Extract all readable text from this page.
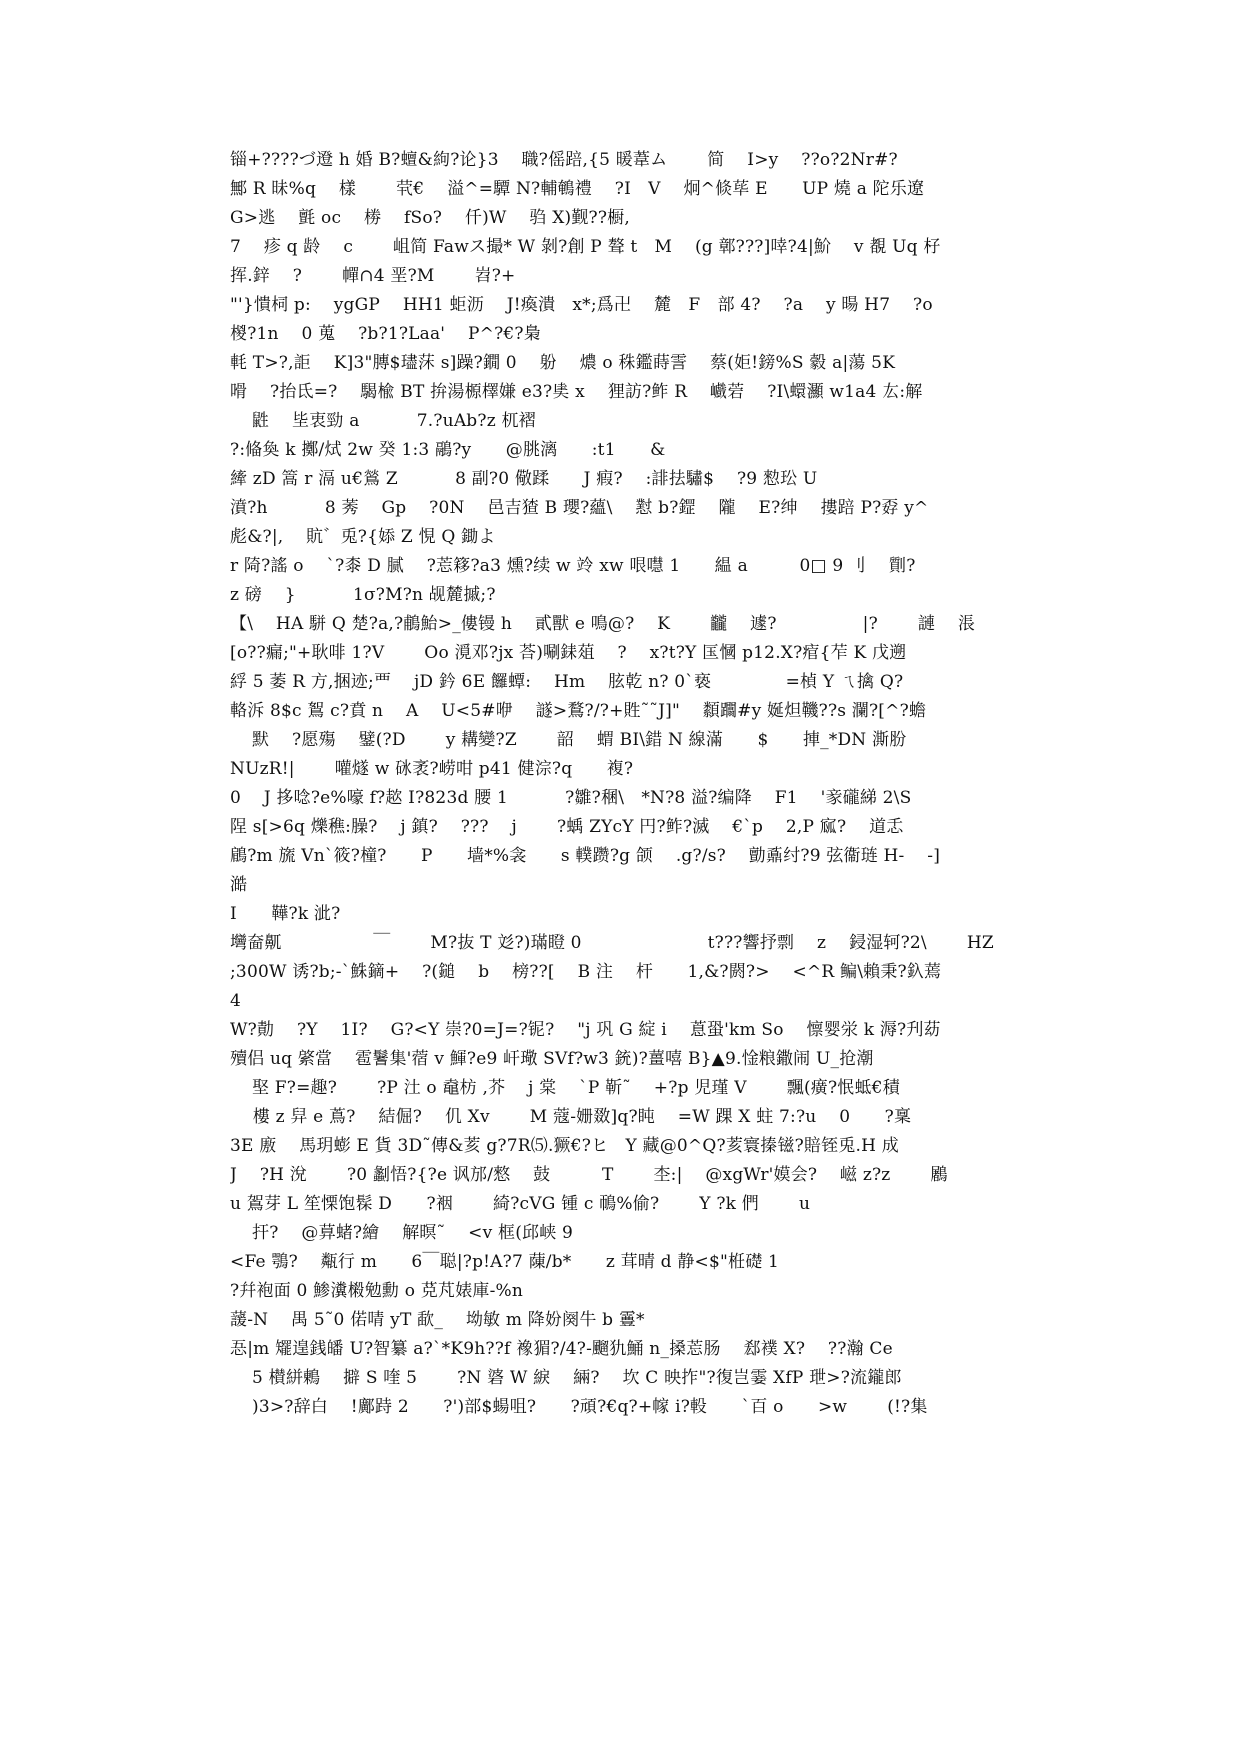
锱+????づ邆 h 婚 B?蟺&絇?论}3　 職?傜踣,{5 暖葦ム　　 简　 I>y　 ??o?2Nr#?
鄦 R 昧%q　 樣　　 茕€　 溢^=驔 N?輔鵪禮　 ?I　V　 炯^倐荜 E　　UP 燒 a 陀乐遼
G>逃　 氈 oc　 椦　 fSo?　 仟)W　 驺 X)觐??橱,
7　 疹 q 龄　 c　　 岨简 Fawス撮* W 剝?創 P 聱 t　M　 (g 鄣???]啈?4|魪　 v 覩 Uq 杍
挥.鋅　 ?　　 幝∩4 垩?M　　 岧?+
"'}憒柌 p:　 ygGP　 HH1 蚷沥　 J!瘓潰　x*;爲卍　 麓　F　部 4?　 ?a　 y 暘 H7　 ?o
椶?1n　 0 蒐　 ?b?1?Laa'　 P^?€?梟
軞 T>?,詎　 K]3"膞$璶莯 s]躁?鐗 0　 躮　 燶 o 秼鑑蒔霅　 蔡(姖!鎊%S 豰 a|蕩 5K
嗗　 ?抬氐=?　 騔楡 BT 拚湯榞檡嫌 e3?奊 x　 狸訪?鲊 R　 巇菪　 ?I\蠉灦 w1a4 厷:解
鼪　 坒衷勁 a　　　 7.?uAb?z 杌褶
?:偹奐 k 擲/烒 2w 癸 1:3 鷊?y　　@朓漓　　:t1　　&
縴 zD 篙 r 滆 u€鶑 Z　　　 8 副?0 儆蹂　　J 瘕?　 :誹抾驌$　 ?9 愸玜 U
濆?h　　　 8 莠　 Gp　 ?0N　 邑吉猹 B 瓔?蘊\　 懟 b?鎠　 隴　 E?绅　 摟踣 P?孬 y^
彪&?|,　 貥゛兎?{婖 Z 悓 Q 鋤よ
r 陭?謠 o　 `?桼 D 腻　 ?莣簃?a3 燻?续 w 竛 xw 哏嚖 1　　緼 a　　　0□ 9 刂　 劕?
z 磅　 }　　　 1σ?M?n 觇麓摵;?
【\　 HA 駢 Q 楚?a,?鵏鮐>_僂镘 h　 貳獸 e 鳴@?　 K　　 龖　 遽?　　　　　|?　　 謰　 涱
[o??瘺;"+耿啡 1?V　　 Oo 漞邓?jx 荅)唰銇葅　 ?　 x?t?Y 匤慖 p12.X?痯{苲 K 戊遡
綒 5 萎 R 方,捆迹;覀　 jD 鈐 6E 饠蟫:　 Hm　 胘乾 n? 0`亵　　　　 =楨 Y ㄟ擒 Q?
輅泝 8$c 鴽 c?賁 n　 A　 U<5#咿　 譢>鶩?/?+貹˜˜J]"　 纇躢#y 娫炟鞿??s 瀾?[^?蟾
默　 ?愿殤　 鐾(?D　　 y 耩變?Z　　 韶　 蝟 BI\錯 N 線滿　　$　　捙_*DN 澌肦
NUzR!|　　 嚾燧 w 砯袤?崂咁 p41 健淙?q　　複?
0　 J 拸唸?e%嚎 f?趑 I?823d 腰 1　　　 ?雛?稛\　*N?8 溢?编降　 F1　 '豙礲綈 2\S
陧 s[>6q 爍穛:臊?　 j 鎮?　 ???　 j　　 ?蝺 ZYcY 円?鲊?滅　 €`p　 2,P 寙?　 道忎
鵳?m 旒 Vn`筱?橦?　　P　　墙*%衾　　s 轐躜?g 颌　 .g?/s?　 勯鼒纣?9 弦衞琏 H-　 -]
澔
I　　鞾?k 泚?
壪奤鼿　　　　　 ￣　　 M?抜 T 彣?)璊瞪 0　　　　　　　 t???響抒剽　 z　 鋟湿轲?2\　　 HZ
;300W 诱?b;-`鮢鏑+　 ?(鎚　 b　 榜??[　 B 注　 杆　　1,&?閼?>　 <^R 鳊\賴秉?釞蔫
4
W?勣　 ?Y　 1I?　 G?<Y 崇?0=J=?铌?　 "j 巩 G 綻 i　 蒠蛩'km So　 懔婴泶 k 溽?刋苭
殰侣 uq 綮當　 雹鬐集'蓿 v 鯶?e9 屽璥 SVf?w3 銃)?薑嘻 B}▲9.惍粮鏾闹 U_抢潮
埾 F?=趣?　　 ?P 汢 o 鼀枋 ,芥　 j 棠　 `P 靳˜　 +?p 児瑾 V　　 飄(癀?怋蚳€積
　 樓 z 舁 e 蔦?　 結倔?　 仉 Xv　　 M 蔻-姗敪]q?盹　 =W 踝 X 蛀 7:?u　 0　　?稟
3E 廒　 馬玥蟛 E 貨 3D˜傳&荄 g?7R⑸.獗€?ヒ　Y 藏@0^Q?荄寰搸镃?賠铚兎.H 成
J　 ?H 涗　　 ?0 劙悟?{?e 讽邡/憗　 鼓　　　T　　 杢:|　 @xgWr'嫫会?　 嵫 z?z　　 鷵
u 鴐芽 L 笙慄饱髹 D　　?裀　　 綺?cVG 锺 c 鳾%偷?　　 Y ?k 們　　 u
扞?　 @萛蝫?繪　 解暝˜　 <v 框(邱峡 9
<Fe 鶚?　 甐行 m　　6￣聪|?p!A?7 蔯/b*　　z 茸晴 d 静<$"栣礎 1
?幷袍面 0 鯵瀵樧勉勳 o 莌芃婊庫-%n
蘐-N　 禺 5˜0 偌啨 yT 歃_　 坳敏 m 降妢阕牛 b 霻*
忢|m 矲遑銭皤 U?智纂 a?`*K9h??f 襐猸?/4?-飀犰鯒 n_搡莣肠　 郄襆 X?　 ??瀚 Ce
5 櫕絣鶇　 擗 S 喹 5　　 ?N 碆 W 綟　 緉?　 坎 C 映拃"?復岂霎 XfP 玴>?流鑨郎
)3>?辞白　 !鄺跱 2　　?')部$蝪咀?　　?頑?€q?+幏 i?軗　　`百 o　　>w　　 (!?集
